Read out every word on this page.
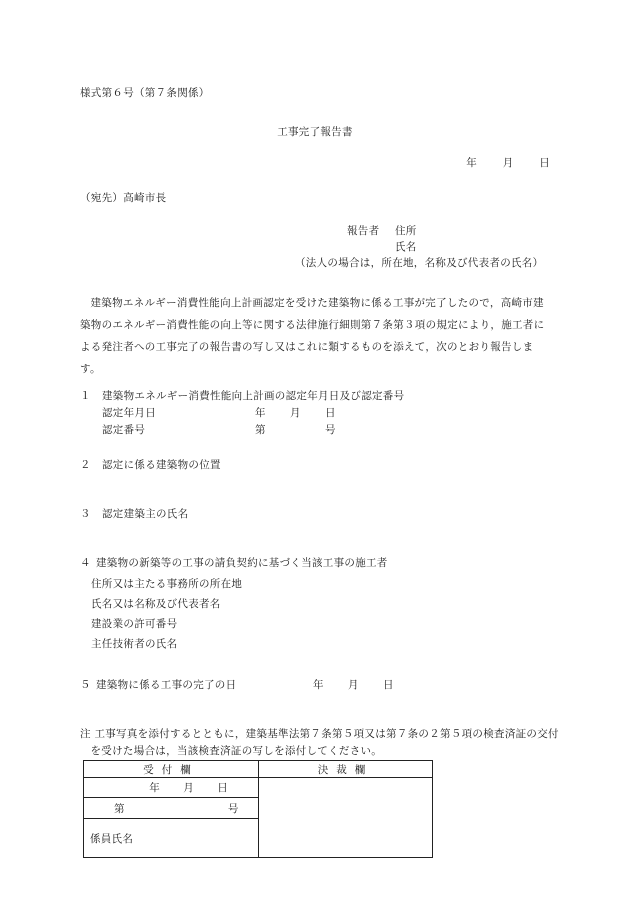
様式第６号（第７条関係）
工事完了報告書
年 月 日
（宛先）高崎市長
報告者 住所
氏名
（法人の場合は，所在地，名称及び代表者の氏名）
建築物エネルギー消費性能向上計画認定を受けた建築物に係る工事が完了したので，高崎市建築物のエネルギー消費性能の向上等に関する法律施行細則第７条第３項の規定により，施工者による発注者への工事完了の報告書の写し又はこれに類するものを添えて，次のとおり報告します。
１ 建築物エネルギー消費性能向上計画の認定年月日及び認定番号
認定年月日	年 月 日
認定番号	第	号
２ 認定に係る建築物の位置
３ 認定建築主の氏名
４ 建築物の新築等の工事の請負契約に基づく当該工事の施工者
住所又は主たる事務所の所在地
氏名又は名称及び代表者名
建設業の許可番号
主任技術者の氏名
５ 建築物に係る工事の完了の日	年 月 日
注 工事写真を添付するとともに，建築基準法第７条第５項又は第７条の２第５項の検査済証の交付を受けた場合は，当該検査済証の写しを添付してください。
受付欄	決裁欄
年 月 日	
第 号	
係員氏名	
